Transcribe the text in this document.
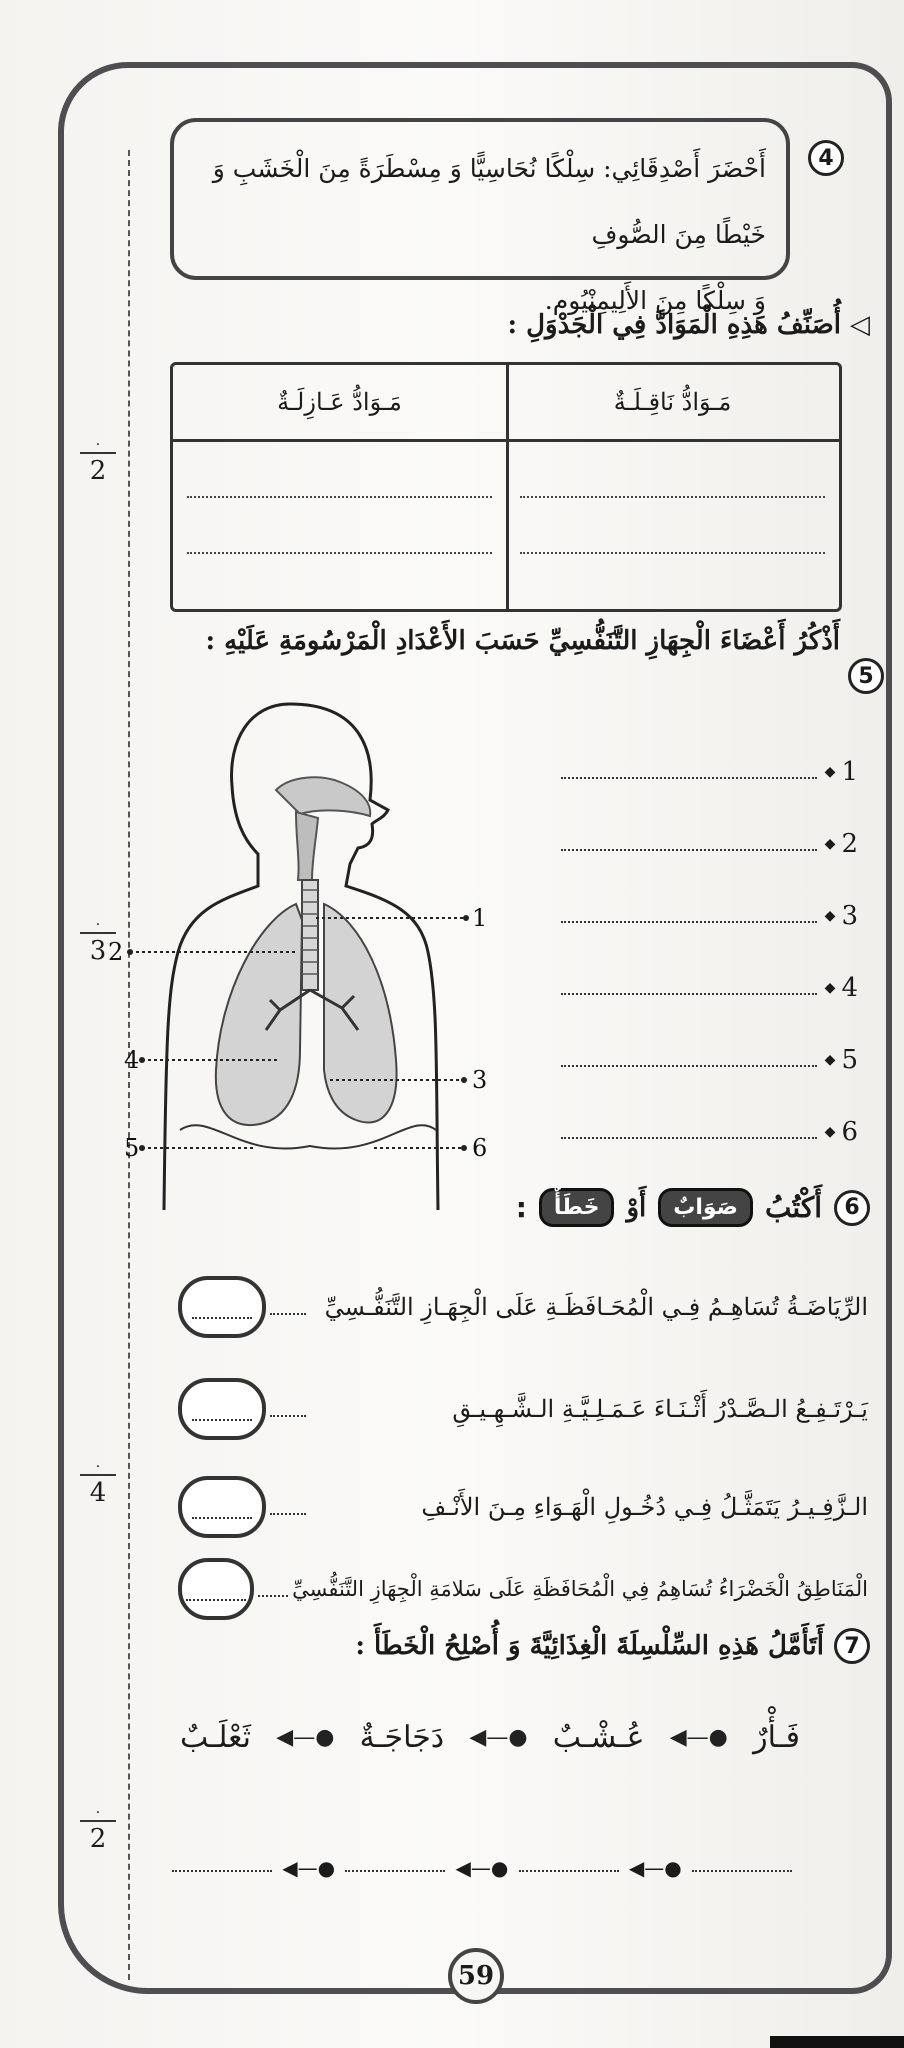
·
2
·
3
·
4
·
2
4
أَحْضَرَ أَصْدِقَائِي: سِلْكًا نُحَاسِيًّا وَ مِسْطَرَةً مِنَ الْخَشَبِ وَ خَيْطًا مِنَ الصُّوفِ
وَ سِلْكًا مِنَ الأَلِيمِنْيُوم.
◁ أُصَنِّفُ هَذِهِ الْمَوَادَّ فِي الْجَدْوَلِ :
مَـوَادُّ نَاقِـلَـةٌ
مَـوَادُّ عَـازِلَـةٌ
5
أَذْكُرُ أَعْضَاءَ الْجِهَازِ التَّنَفُّسِيِّ حَسَبَ الأَعْدَادِ الْمَرْسُومَةِ عَلَيْهِ :
1
2
4
3
5	6
◆ 1
◆ 2
◆ 3
◆ 4
◆ 5
◆ 6
6
أَكْتُبُ
صَوَابٌ
أَوْ
خَطَأٌ
:
الرِّيَاضَـةُ تُسَاهِـمُ فِـي الْمُحَـافَظَـةِ عَلَى الْجِهَـازِ التَّنَفُّـسِيِّ
يَـرْتَـفِـعُ الـصَّـدْرُ أَثْـنَـاءَ عَـمَـلِـيَّـةِ الـشَّـهِـيـقِ
الـزَّفِـيـرُ يَتَمَثَّـلُ فِـي دُخُـولِ الْهَـوَاءِ مِـنَ الأَنْـفِ
الْمَنَاطِقُ الْخَضْرَاءُ تُسَاهِمُ فِي الْمُحَافَظَةِ عَلَى سَلامَةِ الْجِهَازِ التَّنَفُّسِيِّ
7
أَتَأَمَّلُ هَذِهِ السِّلْسِلَةَ الْغِذَائِيَّةَ وَ أُصْلِحُ الْخَطَأَ :
ثَعْلَـبٌ ◀—● دَجَاجَـةٌ ◀—● عُـشْـبٌ ◀—● فَـأْرٌ
◀—●	◀—●	◀—●
59
